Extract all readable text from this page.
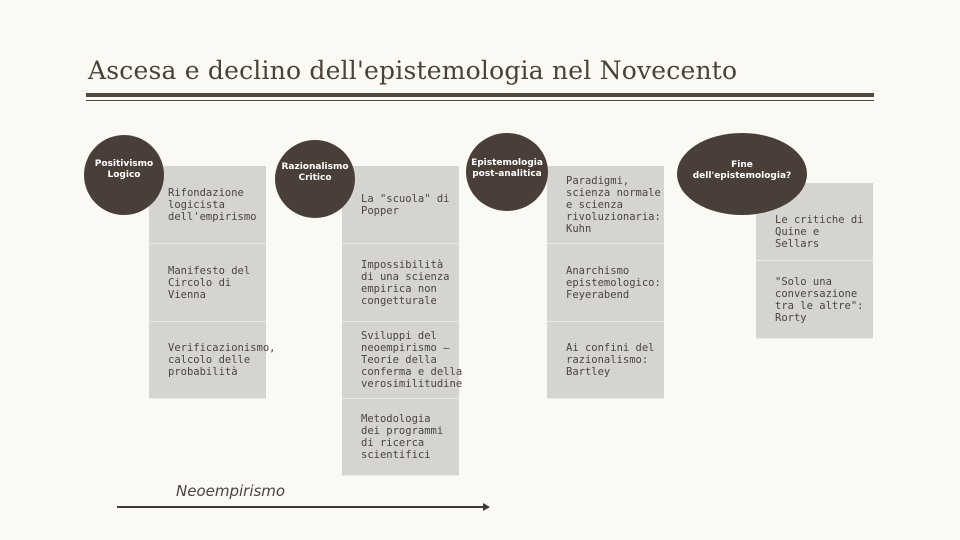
Ascesa e declino dell'epistemologia nel Novecento
Rifondazione logicista dell'empirismo
Manifesto del Circolo di Vienna
Verificazionismo, calcolo delle probabilità
Positivismo Logico
La "scuola" di Popper
Impossibilità di una scienza empirica non congetturale
Sviluppi del neoempirismo – Teorie della conferma e della verosimilitudine
Metodologia dei programmi di ricerca scientifici
Razionalismo Critico	Paradigmi, scienza normale e scienza rivoluzionaria: Kuhn
Anarchismo epistemologico: Feyerabend
Ai confini del razionalismo: Bartley
Epistemologia post-analitica
Le critiche di Quine e Sellars
"Solo una conversazione tra le altre": Rorty
Fine dell'epistemologia?
Neoempirismo
